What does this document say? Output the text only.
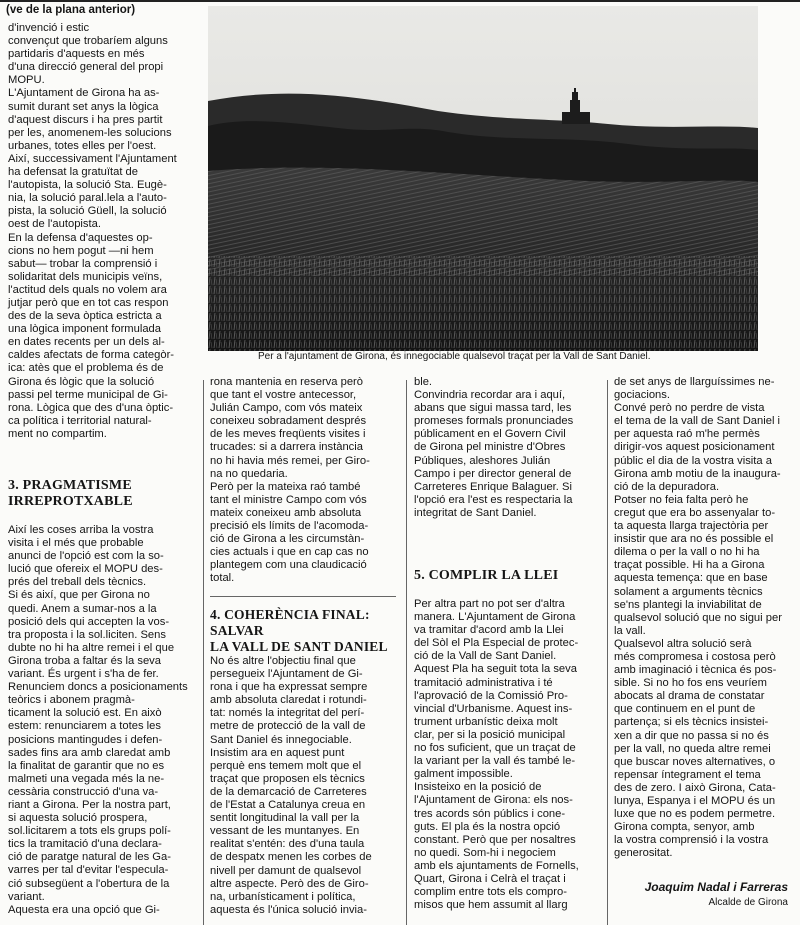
(ve de la plana anterior)
Per a l'ajuntament de Girona, és innegociable qualsevol traçat per la Vall de Sant Daniel.
d'invenció i estic
convençut que trobaríem alguns
partidaris d'aquests en més
d'una direcció general del propi
MOPU.
L'Ajuntament de Girona ha as-
sumit durant set anys la lògica
d'aquest discurs i ha pres partit
per les, anomenem-les solucions
urbanes, totes elles per l'oest.
Així, successivament l'Ajuntament
ha defensat la gratuïtat de
l'autopista, la solució Sta. Eugè-
nia, la solució paral.lela a l'auto-
pista, la solució Güell, la solució
oest de l'autopista.
En la defensa d'aquestes op-
cions no hem pogut —ni hem
sabut— trobar la comprensió i
solidaritat dels municipis veïns,
l'actitud dels quals no volem ara
jutjar però que en tot cas respon
des de la seva òptica estricta a
una lògica imponent formulada
en dates recents per un dels al-
caldes afectats de forma categòr-
ica: atès que el problema és de
Girona és lògic que la solució
passi pel terme municipal de Gi-
rona. Lògica que des d'una òptic-
ca política i territorial natural-
ment no compartim.
3. PRAGMATISME
IRREPROTXABLE
Així les coses arriba la vostra
visita i el més que probable
anunci de l'opció est com la so-
lució que ofereix el MOPU des-
prés del treball dels tècnics.
Si és així, que per Girona no
quedi. Anem a sumar-nos a la
posició dels qui accepten la vos-
tra proposta i la sol.liciten. Sens
dubte no hi ha altre remei i el que
Girona troba a faltar és la seva
variant. És urgent i s'ha de fer.
Renunciem doncs a posicionaments
teòrics i abonem pragmà-
ticament la solució est. En això
estem: renunciarem a totes les
posicions mantingudes i defen-
sades fins ara amb claredat amb
la finalitat de garantir que no es
malmeti una vegada més la ne-
cessària construcció d'una va-
riant a Girona. Per la nostra part,
si aquesta solució prospera,
sol.licitarem a tots els grups polí-
tics la tramitació d'una declara-
ció de paratge natural de les Ga-
varres per tal d'evitar l'especula-
ció subsegüent a l'obertura de la
variant.
Aquesta era una opció que Gi-
rona mantenia en reserva però
que tant el vostre antecessor,
Julián Campo, com vós mateix
coneixeu sobradament després
de les meves freqüents visites i
trucades: si a darrera instància
no hi havia més remei, per Giro-
na no quedaria.
Però per la mateixa raó també
tant el ministre Campo com vós
mateix coneixeu amb absoluta
precisió els límits de l'acomoda-
ció de Girona a les circumstàn-
cies actuals i que en cap cas no
plantegem com una claudicació
total.
4. COHERÈNCIA FINAL: SALVAR
LA VALL DE SANT DANIEL
No és altre l'objectiu final que
persegueix l'Ajuntament de Gi-
rona i que ha expressat sempre
amb absoluta claredat i rotundi-
tat: només la integritat del perí-
metre de protecció de la vall de
Sant Daniel és innegociable.
Insistim ara en aquest punt
perquè ens temem molt que el
traçat que proposen els tècnics
de la demarcació de Carreteres
de l'Estat a Catalunya creua en
sentit longitudinal la vall per la
vessant de les muntanyes. En
realitat s'entén: des d'una taula
de despatx menen les corbes de
nivell per damunt de qualsevol
altre aspecte. Però des de Giro-
na, urbanísticament i política,
aquesta és l'única solució invia-
ble.
Convindria recordar ara i aquí,
abans que sigui massa tard, les
promeses formals pronunciades
públicament en el Govern Civil
de Girona pel ministre d'Obres
Públiques, aleshores Julián
Campo i per director general de
Carreteres Enrique Balaguer. Si
l'opció era l'est es respectaria la
integritat de Sant Daniel.
5. COMPLIR LA LLEI
Per altra part no pot ser d'altra
manera. L'Ajuntament de Girona
va tramitar d'acord amb la Llei
del Sòl el Pla Especial de protec-
ció de la Vall de Sant Daniel.
Aquest Pla ha seguit tota la seva
tramitació administrativa i té
l'aprovació de la Comissió Pro-
vincial d'Urbanisme. Aquest ins-
trument urbanístic deixa molt
clar, per si la posició municipal
no fos suficient, que un traçat de
la variant per la vall és també le-
galment impossible.
Insisteixo en la posició de
l'Ajuntament de Girona: els nos-
tres acords són públics i cone-
guts. El pla és la nostra opció
constant. Però que per nosaltres
no quedi. Som-hi i negociem
amb els ajuntaments de Fornells,
Quart, Girona i Celrà el traçat i
complim entre tots els compro-
misos que hem assumit al llarg
de set anys de llarguíssimes ne-
gociacions.
Convé però no perdre de vista
el tema de la vall de Sant Daniel i
per aquesta raó m'he permès
dirigir-vos aquest posicionament
públic el dia de la vostra visita a
Girona amb motiu de la inaugura-
ció de la depuradora.
Potser no feia falta però he
cregut que era bo assenyalar to-
ta aquesta llarga trajectòria per
insistir que ara no és possible el
dilema o per la vall o no hi ha
traçat possible. Hi ha a Girona
aquesta temença: que en base
solament a arguments tècnics
se'ns plantegi la inviabilitat de
qualsevol solució que no sigui per
la vall.
Qualsevol altra solució serà
més compromesa i costosa però
amb imaginació i tècnica és pos-
sible. Si no ho fos ens veuríem
abocats al drama de constatar
que continuem en el punt de
partença; si els tècnics insistei-
xen a dir que no passa si no és
per la vall, no queda altre remei
que buscar noves alternatives, o
repensar íntegrament el tema
des de zero. I això Girona, Cata-
lunya, Espanya i el MOPU és un
luxe que no es podem permetre.
Girona compta, senyor, amb
la vostra comprensió i la vostra
generositat.
Joaquim Nadal i Farreras
Alcalde de Girona
